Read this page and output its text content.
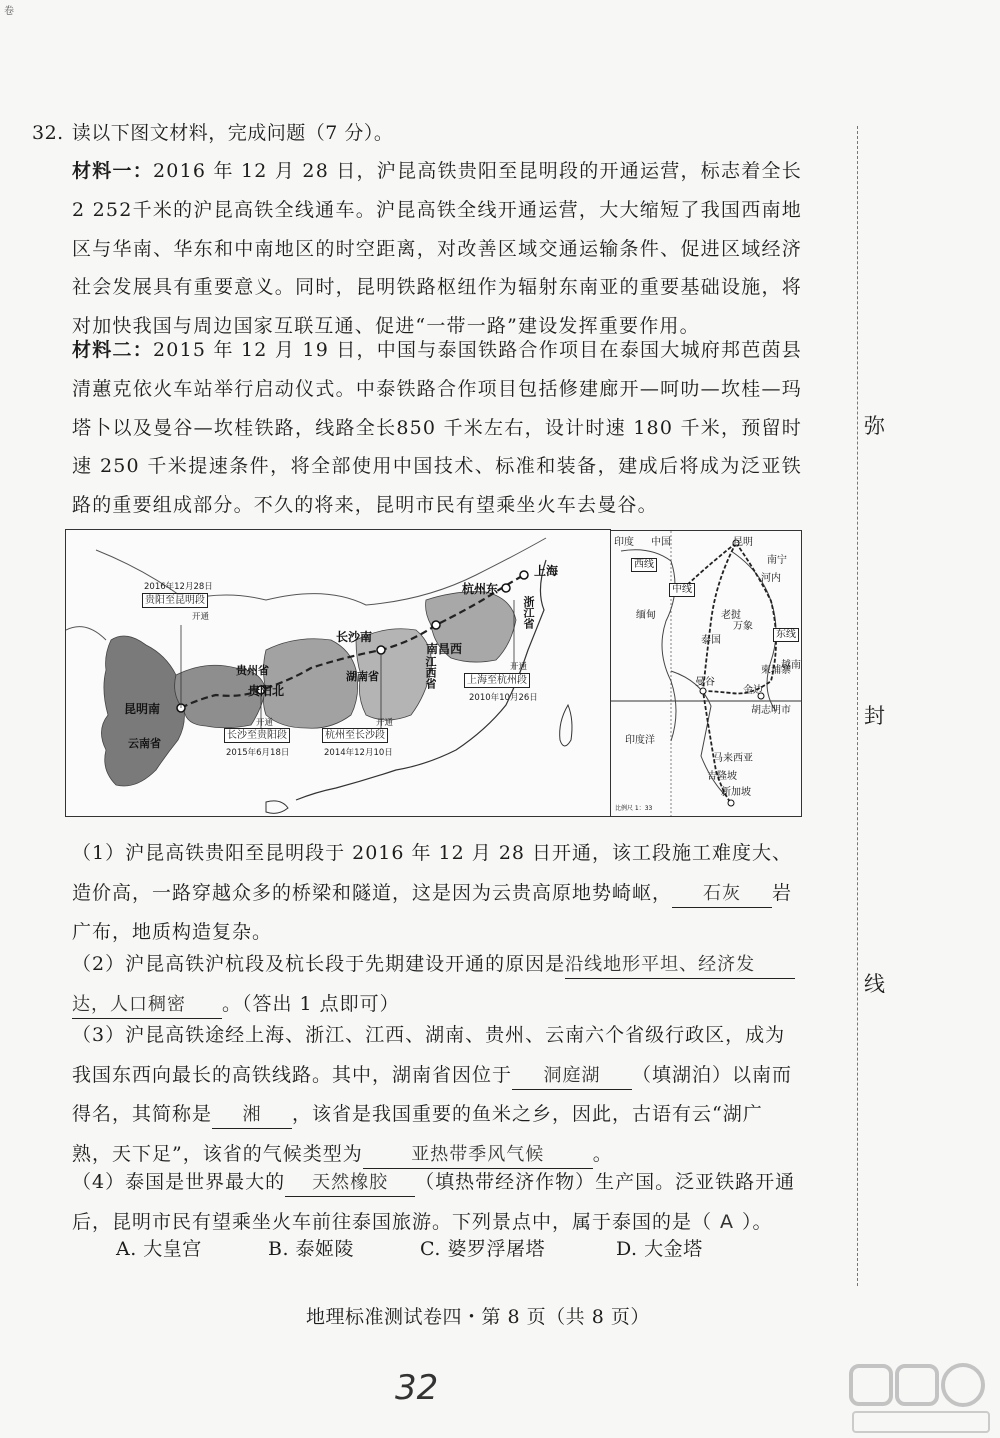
卷
32. 读以下图文材料，完成问题（7 分）。
材料一：2016 年 12 月 28 日，沪昆高铁贵阳至昆明段的开通运营，标志着全长 2 252千米的沪昆高铁全线通车。沪昆高铁全线开通运营，大大缩短了我国西南地区与华南、华东和中南地区的时空距离，对改善区域交通运输条件、促进区域经济社会发展具有重要意义。同时，昆明铁路枢纽作为辐射东南亚的重要基础设施，将对加快我国与周边国家互联互通、促进“一带一路”建设发挥重要作用。
材料二：2015 年 12 月 19 日，中国与泰国铁路合作项目在泰国大城府邦芭茵县清蕙克依火车站举行启动仪式。中泰铁路合作项目包括修建廊开—呵叻—坎桂—玛塔卜以及曼谷—坎桂铁路，线路全长850 千米左右，设计时速 180 千米，预留时速 250 千米提速条件，将全部使用中国技术、标准和装备，建成后将成为泛亚铁路的重要组成部分。不久的将来，昆明市民有望乘坐火车去曼谷。
2016年12月28日
贵阳至昆明段
开通
昆明南
贵阳北
长沙南
南昌西
杭州东
上海
云南省
贵州省	湖南省	江西省
浙江省
开通
长沙至贵阳段
2015年6月18日
开通
杭州至长沙段
2014年12月10日
开通
上海至杭州段
2010年10月26日
印度 中国
西线
中线
东线
缅甸	老挝
泰国
越南
曼谷
金边
柬埔寨
河内
南宁
昆明
吉隆坡
新加坡
马来西亚
万象
胡志明市
印度洋
比例尺 1：33
（1）沪昆高铁贵阳至昆明段于 2016 年 12 月 28 日开通，该工段施工难度大、造价高，一路穿越众多的桥梁和隧道，这是因为云贵高原地势崎岖， 石灰 岩广布，地质构造复杂。
（2）沪昆高铁沪杭段及杭长段于先期建设开通的原因是沿线地形平坦、经济发达，人口稠密 。（答出 1 点即可）
（3）沪昆高铁途经上海、浙江、江西、湖南、贵州、云南六个省级行政区，成为我国东西向最长的高铁线路。其中，湖南省因位于 洞庭湖 （填湖泊）以南而得名，其简称是 湘 ，该省是我国重要的鱼米之乡，因此，古语有云“湖广熟，天下足”，该省的气候类型为	亚热带季风气候	。
（4）泰国是世界最大的 天然橡胶 （填热带经济作物）生产国。泛亚铁路开通后，昆明市民有望乘坐火车前往泰国旅游。下列景点中，属于泰国的是（ A ）。
A. 大皇宫	B. 泰姬陵	C. 婆罗浮屠塔	D. 大金塔
弥
封
线
地理标准测试卷四・第 8 页（共 8 页）
32
